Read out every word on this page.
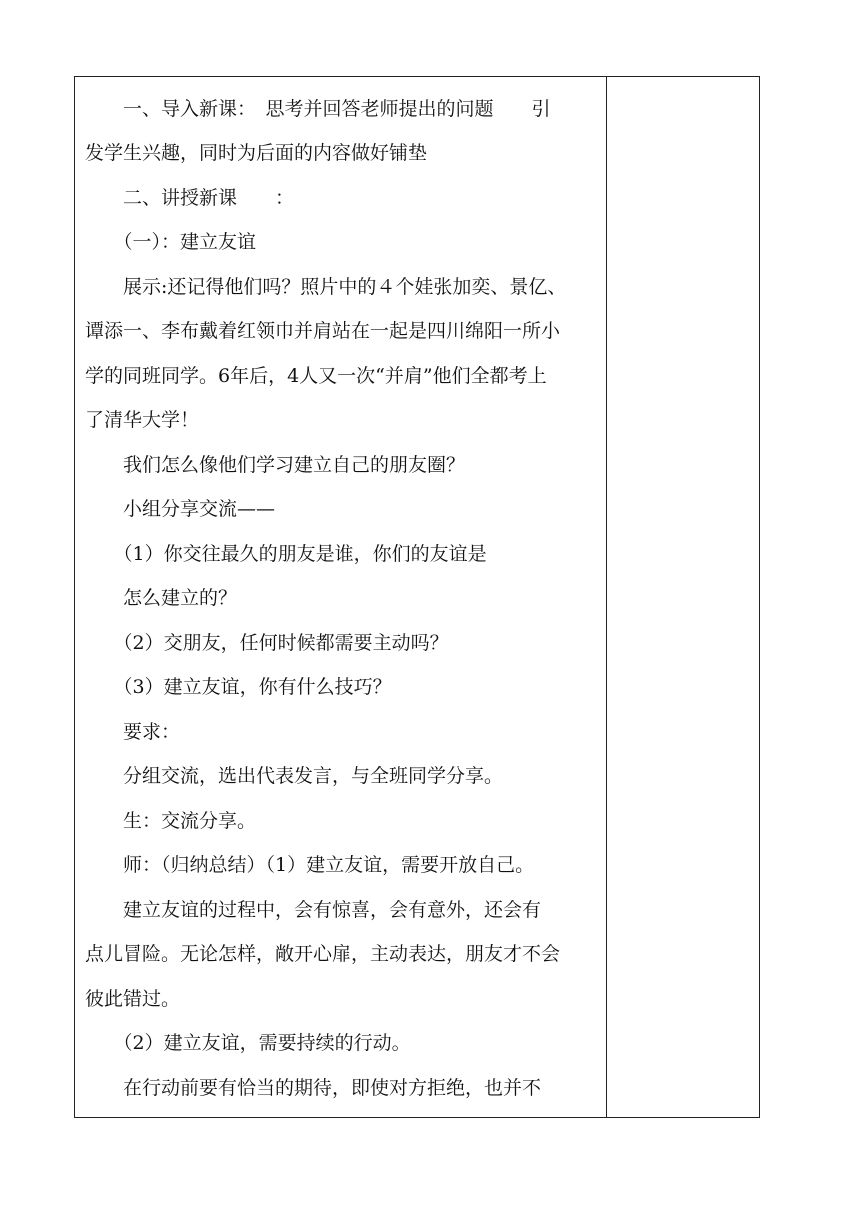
　　一、导入新课：　思考并回答老师提出的问题　　引
发学生兴趣，同时为后面的内容做好铺垫
　　二、讲授新课　　：
　　（一）：建立友谊
　　展示:还记得他们吗？照片中的４个娃张加奕、景亿、
谭添一、李布戴着红领巾并肩站在一起是四川绵阳一所小
学的同班同学。6年后，4人又一次“并肩”他们全都考上
了清华大学！
　　我们怎么像他们学习建立自己的朋友圈？
　　小组分享交流——
　　（1）你交往最久的朋友是谁，你们的友谊是
　　怎么建立的？
　　（2）交朋友，任何时候都需要主动吗？
　　（3）建立友谊，你有什么技巧？
　　要求：
　　分组交流，选出代表发言，与全班同学分享。
　　生：交流分享。
　　师：（归纳总结）（1）建立友谊，需要开放自己。
　　建立友谊的过程中，会有惊喜，会有意外，还会有
点儿冒险。无论怎样，敞开心扉，主动表达，朋友才不会
彼此错过。
　　（2）建立友谊，需要持续的行动。
　　在行动前要有恰当的期待，即使对方拒绝，也并不
